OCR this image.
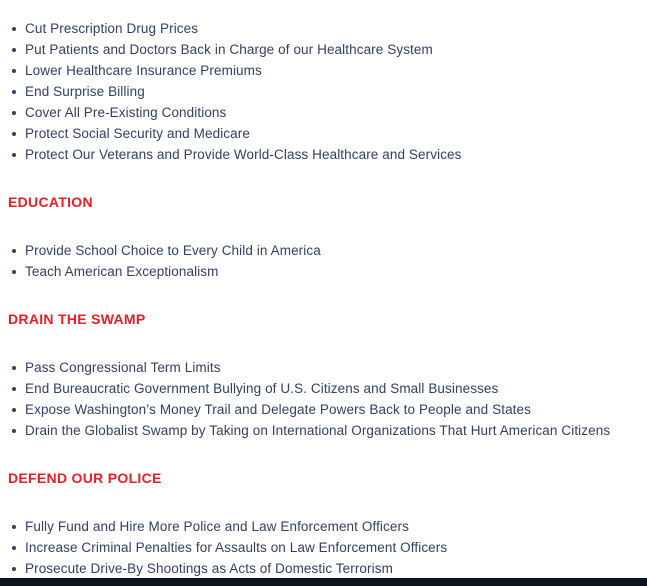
Cut Prescription Drug Prices
Put Patients and Doctors Back in Charge of our Healthcare System
Lower Healthcare Insurance Premiums
End Surprise Billing
Cover All Pre-Existing Conditions
Protect Social Security and Medicare
Protect Our Veterans and Provide World-Class Healthcare and Services
EDUCATION
Provide School Choice to Every Child in America
Teach American Exceptionalism
DRAIN THE SWAMP
Pass Congressional Term Limits
End Bureaucratic Government Bullying of U.S. Citizens and Small Businesses
Expose Washington’s Money Trail and Delegate Powers Back to People and States
Drain the Globalist Swamp by Taking on International Organizations That Hurt American Citizens
DEFEND OUR POLICE
Fully Fund and Hire More Police and Law Enforcement Officers
Increase Criminal Penalties for Assaults on Law Enforcement Officers
Prosecute Drive-By Shootings as Acts of Domestic Terrorism
